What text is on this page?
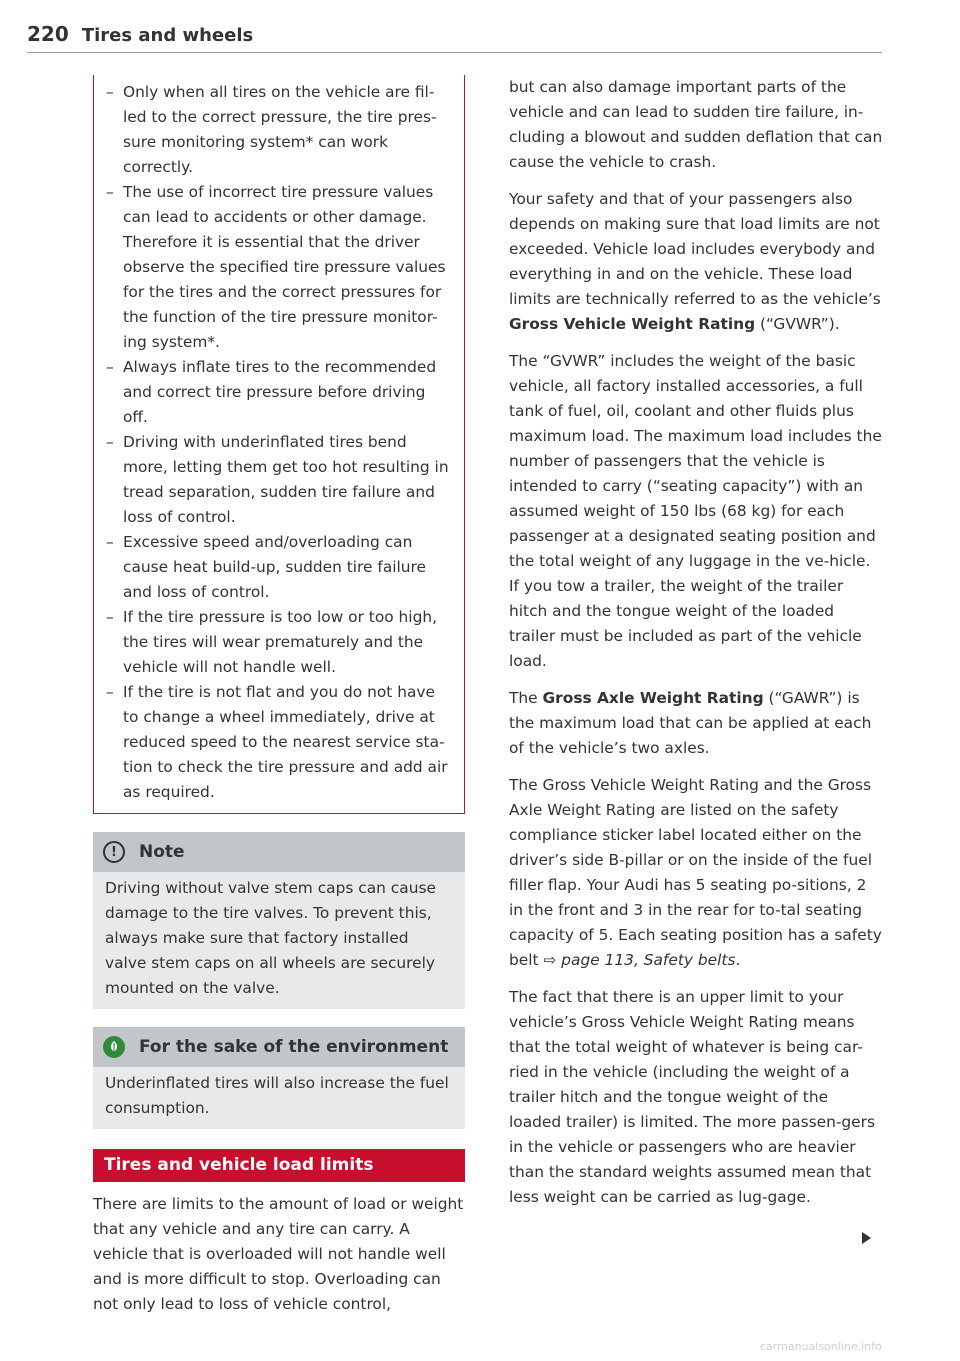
220 Tires and wheels
– Only when all tires on the vehicle are fil-led to the correct pressure, the tire pres-sure monitoring system* can work correctly.
– The use of incorrect tire pressure values can lead to accidents or other damage. Therefore it is essential that the driver observe the specified tire pressure values for the tires and the correct pressures for the function of the tire pressure monitor-ing system*.
– Always inflate tires to the recommended and correct tire pressure before driving off.
– Driving with underinflated tires bend more, letting them get too hot resulting in tread separation, sudden tire failure and loss of control.
– Excessive speed and/overloading can cause heat build-up, sudden tire failure and loss of control.
– If the tire pressure is too low or too high, the tires will wear prematurely and the vehicle will not handle well.
– If the tire is not flat and you do not have to change a wheel immediately, drive at reduced speed to the nearest service sta-tion to check the tire pressure and add air as required.
!	Note
Driving without valve stem caps can cause damage to the tire valves. To prevent this, always make sure that factory installed valve stem caps on all wheels are securely mounted on the valve.
For the sake of the environment
Underinflated tires will also increase the fuel consumption.
Tires and vehicle load limits

There are limits to the amount of load or weight that any vehicle and any tire can carry. A vehicle that is overloaded will not handle well and is more difficult to stop. Overloading can not only lead to loss of vehicle control,

but can also damage important parts of the vehicle and can lead to sudden tire failure, in-cluding a blowout and sudden deflation that can cause the vehicle to crash.

Your safety and that of your passengers also depends on making sure that load limits are not exceeded. Vehicle load includes everybody and everything in and on the vehicle. These load limits are technically referred to as the vehicle’s Gross Vehicle Weight Rating (“GVWR”).

The “GVWR” includes the weight of the basic vehicle, all factory installed accessories, a full tank of fuel, oil, coolant and other fluids plus maximum load. The maximum load includes the number of passengers that the vehicle is intended to carry (“seating capacity”) with an assumed weight of 150 lbs (68 kg) for each passenger at a designated seating position and the total weight of any luggage in the ve-hicle. If you tow a trailer, the weight of the trailer hitch and the tongue weight of the loaded trailer must be included as part of the vehicle load.

The Gross Axle Weight Rating (“GAWR”) is the maximum load that can be applied at each of the vehicle’s two axles.

The Gross Vehicle Weight Rating and the Gross Axle Weight Rating are listed on the safety compliance sticker label located either on the driver’s side B-pillar or on the inside of the fuel filler flap. Your Audi has 5 seating po-sitions, 2 in the front and 3 in the rear for to-tal seating capacity of 5. Each seating position has a safety belt ⇨ page 113, Safety belts.

The fact that there is an upper limit to your vehicle’s Gross Vehicle Weight Rating means that the total weight of whatever is being car-ried in the vehicle (including the weight of a trailer hitch and the tongue weight of the loaded trailer) is limited. The more passen-gers in the vehicle or passengers who are heavier than the standard weights assumed mean that less weight can be carried as lug-gage.

carmanualsonline.info
